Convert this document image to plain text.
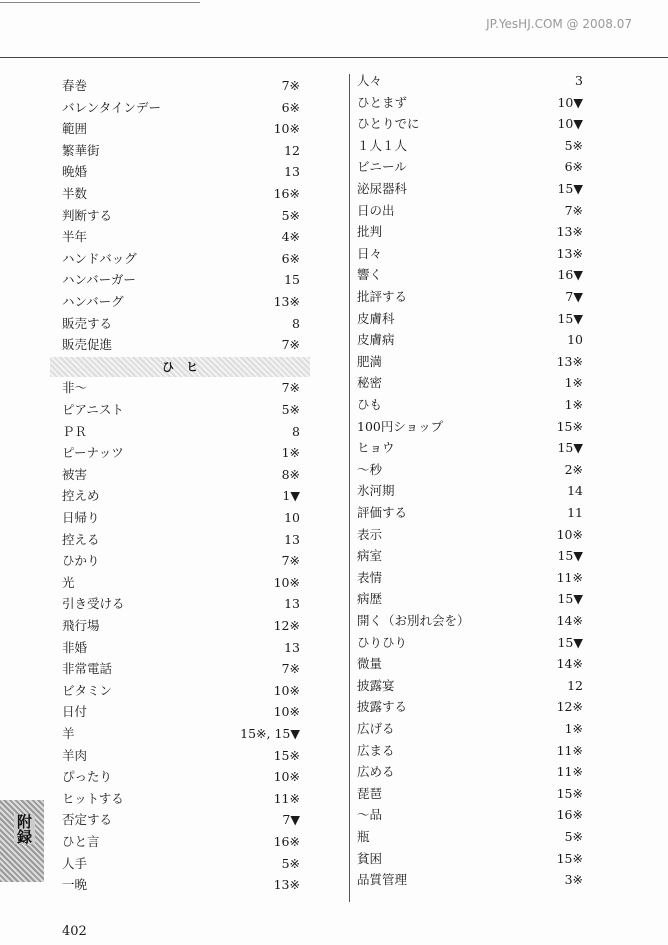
JP.YesHJ.COM @ 2008.07
春巻	7※
バレンタインデー	6※
範囲	10※
繁華街	12
晩婚	13
半数	16※
判断する	5※
半年	4※
ハンドバッグ	6※
ハンバーガー	15
ハンバーグ	13※
販売する	8
販売促進	7※
非〜	7※
ピアニスト	5※
ＰＲ	8
ピーナッツ	1※
被害	8※
控えめ	1▼
日帰り	10
控える	13
ひかり	7※
光	10※
引き受ける	13
飛行場	12※
非婚	13
非常電話	7※
ビタミン	10※
日付	10※
羊	15※, 15▼
羊肉	15※
ぴったり	10※
ヒットする	11※
否定する	7▼
ひと言	16※
人手	5※
一晩	13※
人々	3
ひとまず	10▼
ひとりでに	10▼
１人１人	5※
ビニール	6※
泌尿器科	15▼
日の出	7※
批判	13※
日々	13※
響く	16▼
批評する	7▼
皮膚科	15▼
皮膚病	10
肥満	13※
秘密	1※
ひも	1※
100円ショップ	15※
ヒョウ	15▼
〜秒	2※
氷河期	14
評価する	11
表示	10※
病室	15▼
表情	11※
病歴	15▼
開く（お別れ会を）	14※
ひりひり	15▼
微量	14※
披露宴	12
披露する	12※
広げる	1※
広まる	11※
広める	11※
琵琶	15※
〜品	16※
瓶	5※
貧困	15※
品質管理	3※
ひ　ヒ
附録
402
